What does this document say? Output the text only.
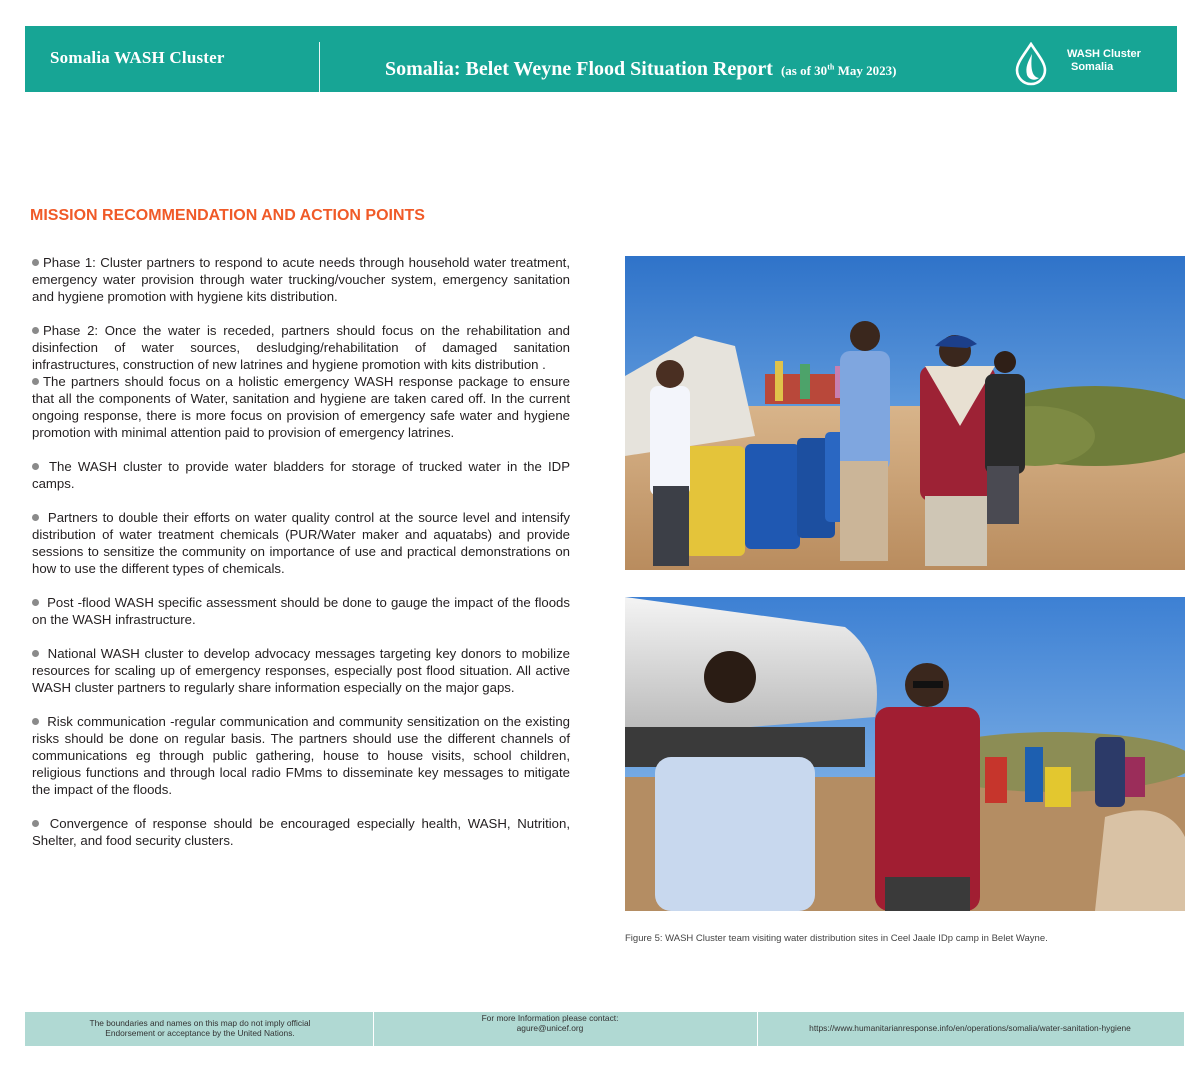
Somalia WASH Cluster
Somalia: Belet Weyne Flood Situation Report (as of 30th May 2023)
WASH Cluster
Somalia
MISSION RECOMMENDATION AND ACTION POINTS

Phase 1: Cluster partners to respond to acute needs through household water treatment, emergency water provision through water trucking/voucher system, emergency sanitation and hygiene promotion with hygiene kits distribution.

Phase 2: Once the water is receded, partners should focus on the rehabilitation and disinfection of water sources, desludging/rehabilitation of damaged sanitation infrastructures, construction of new latrines and hygiene promotion with kits distribution .

The partners should focus on a holistic emergency WASH response package to ensure that all the components of Water, sanitation and hygiene are taken cared off. In the current ongoing response, there is more focus on provision of emergency safe water and hygiene promotion with minimal attention paid to provision of emergency latrines.

The WASH cluster to provide water bladders for storage of trucked water in the IDP camps.

Partners to double their efforts on water quality control at the source level and intensify distribution of water treatment chemicals (PUR/Water maker and aquatabs) and provide sessions to sensitize the community on importance of use and practical demonstrations on how to use the different types of chemicals.

Post -flood WASH specific assessment should be done to gauge the impact of the floods on the WASH infrastructure.

National WASH cluster to develop advocacy messages targeting key donors to mobilize resources for scaling up of emergency responses, especially post flood situation. All active WASH cluster partners to regularly share information especially on the major gaps.

Risk communication -regular communication and community sensitization on the existing risks should be done on regular basis. The partners should use the different channels of communications eg through public gathering, house to house visits, school children, religious functions and through local radio FMms to disseminate key messages to mitigate the impact of the floods.

Convergence of response should be encouraged especially health, WASH, Nutrition, Shelter, and food security clusters.

Figure 5: WASH Cluster team visiting water distribution sites in Ceel Jaale IDp camp in Belet Wayne.
The boundaries and names on this map do not imply official
Endorsement or acceptance by the United Nations.
For more Information please contact:
agure@unicef.org	https://www.humanitarianresponse.info/en/operations/somalia/water-sanitation-hygiene
